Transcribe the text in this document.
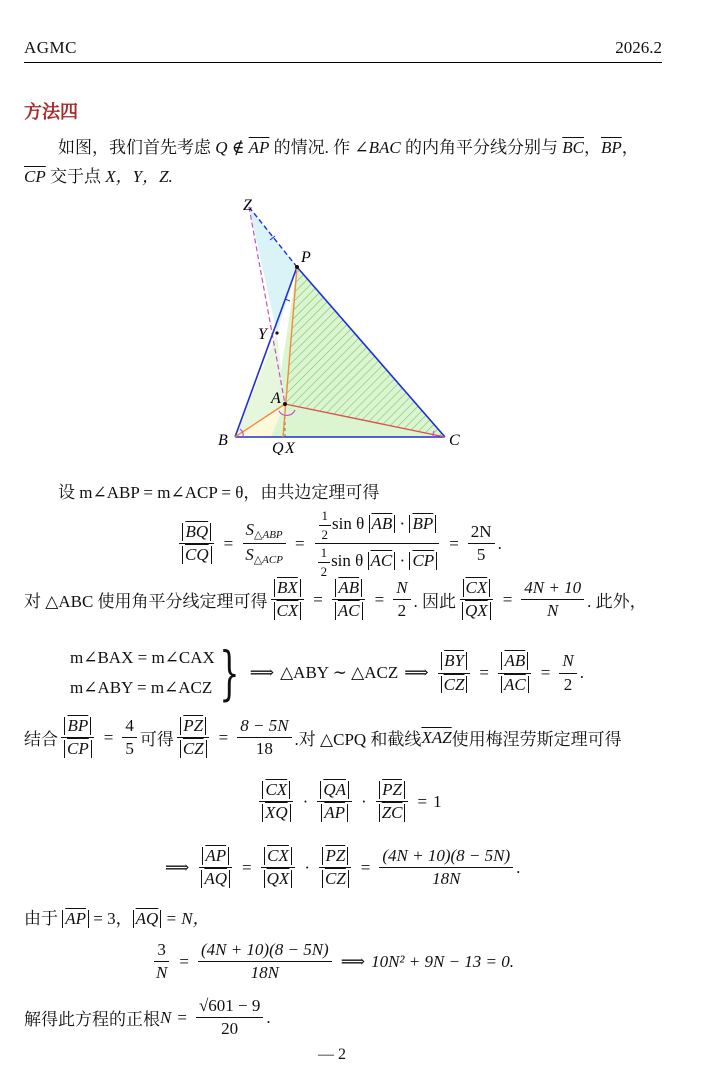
AGMC	2026.2
方法四
如图，我们首先考虑 Q ∉ $\overline{AP}$ 的情况. 作 ∠BAC 的内角平分线分别与 $\overline{BC}$，$\overline{BP}$，
$\overline{CP}$ 交于点 X，Y，Z.
Z
P
Y
A
B	C
Q X
设 m∠ABP = m∠ACP = θ，由共边定理可得
$\frac{\overline{BQ}}{CQ} = \frac{S_{\triangle ABP}}{S_{\triangle ACP}} = \frac{\frac{1}{2} \sin \theta \overline{AB} \cdot \overline{BP}}{\frac{1}{2} \sin \theta \overline{AC} \cdot \overline{CP}} = \frac{2N}{5}$ .
对 △ABC 使用角平分线定理可得 $\frac{\overline{BX}}{CX} = \frac{\overline{AB}}{AC} = \frac{N}{2}$ . 因此 $\frac{\overline{CX}}{QX} = \frac{4N + 10}{N}$ . 此外，
m∠BAX = m∠CAX
m∠ABY = m∠ACZ } ⟹ △ABY ∼ △ACZ ⟹ $\frac{\overline{BY}}{CZ} = \frac{\overline{AB}}{AC} = \frac{N}{2}$ .
结合 $\frac{\overline{BP}}{CP} = \frac{4}{5}$ 可得 $\frac{\overline{PZ}}{CZ} = \frac{8 - 5N}{18}$ .对 △CPQ 和截线 $\overline{XAZ}$ 使用梅涅劳斯定理可得
$\frac{\overline{CX}}{XQ} \cdot \frac{\overline{QA}}{AP} \cdot \frac{\overline{PZ}}{ZC} = 1$
⟹ $\frac{\overline{AP}}{AQ} = \frac{\overline{CX}}{QX} \cdot \frac{\overline{PZ}}{CZ} = \frac{(4N + 10)(8 - 5N)}{18N}$ .
由于 $\overline{AP} = 3$， $\overline{AQ} = N$，
$\frac{3}{N} = \frac{(4N + 10)(8 - 5N)}{18N}$ ⟹ 10N² + 9N − 13 = 0.
解得此方程的正根 $N = \frac{√601 - 9}{20}$ .
— 2
